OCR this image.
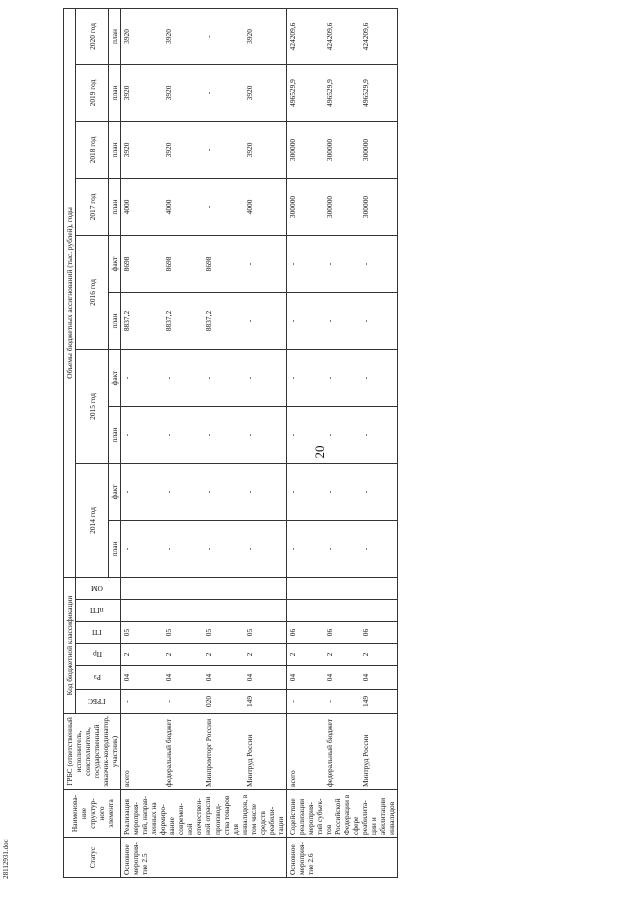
20
28112931.doc	Статус	Наименова-ние структур-ного элемента	ГРБС (ответственный исполнитель, соисполнитель, государственный заказчик-координатор, участник)	Код бюджетной классификации						Объемы бюджетных ассигнований (тыс. рублей), годы									
			ГРБС	Рз	Пр	ГП	пГП	ОМ	2014 год		2015 год		2016 год		2017 год	2018 год	2019 год	2020 год
									план	факт	план	факт	план	факт	план	план	план	план
Основное мероприя-тие 2.5	Реализация мероприя-тий, направ-ленных на формиро-вание современ-ной отечествен-ной отрасли производ-ства товаров для инвалидов, в том числе средств реабили-тации	всего	-	04	2	05			-	-	-	-	8837,2	8698	4000	3920	3920	3920
		федеральный бюджет	-	04	2	05			-	-	-	-	8837,2	8698	4000	3920	3920	3920
		Минпромторг России	020	04	2	05			-	-	-	-	8837,2	8698	-	-	-	-
		Минтруд России	149	04	2	05			-	-	-	-	-	-	4000	3920	3920	3920
Основное мероприя-тие 2.6	Содействие реализации мероприя-тий субъек-тов Российской Федерации в сфере реабилита-ции и абилитации инвалидов	всего	-	04	2	06			-	-	-	-	-	-	300000	300000	496529,9	424209,6
		федеральный бюджет	-	04	2	06			-	-	-	-	-	-	300000	300000	496529,9	424209,6
		Минтруд России	149	04	2	06			-	-	-	-	-	-	300000	300000	496529,9	424209,6
